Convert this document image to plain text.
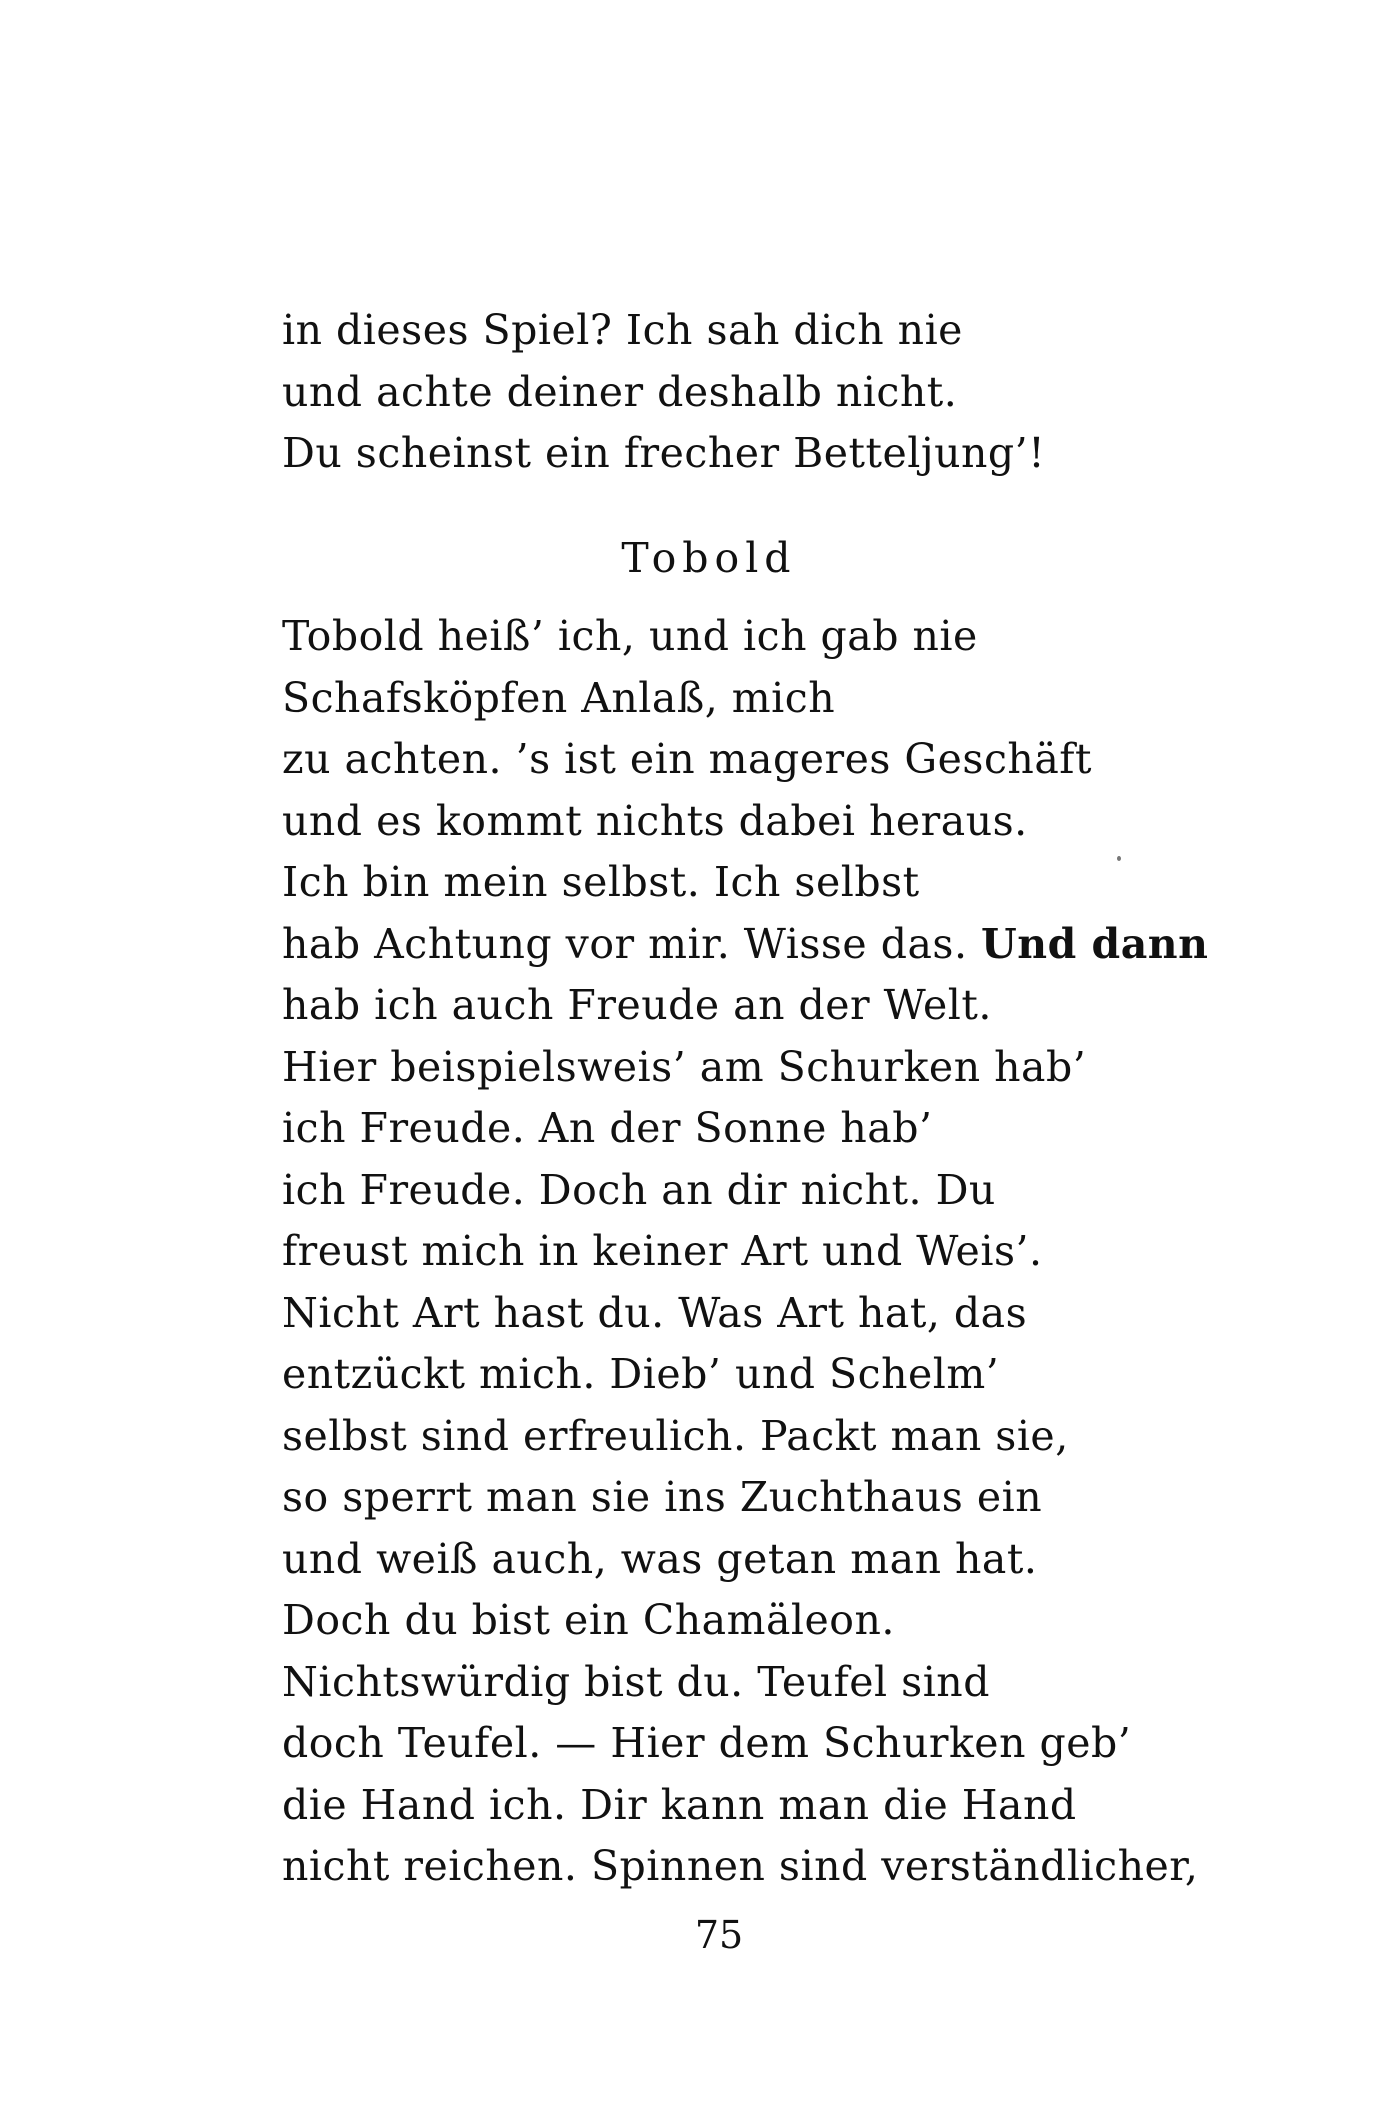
in dieses Spiel? Ich sah dich nie
und achte deiner deshalb nicht.
Du scheinst ein frecher Betteljung’!
Tobold
Tobold heiß’ ich, und ich gab nie
Schafsköpfen Anlaß, mich
zu achten. ’s ist ein mageres Geschäft
und es kommt nichts dabei heraus.
Ich bin mein selbst. Ich selbst
hab Achtung vor mir. Wisse das. Und dann
hab ich auch Freude an der Welt.
Hier beispielsweis’ am Schurken hab’
ich Freude. An der Sonne hab’
ich Freude. Doch an dir nicht. Du
freust mich in keiner Art und Weis’.
Nicht Art hast du. Was Art hat, das
entzückt mich. Dieb’ und Schelm’
selbst sind erfreulich. Packt man sie,
so sperrt man sie ins Zuchthaus ein
und weiß auch, was getan man hat.
Doch du bist ein Chamäleon.
Nichtswürdig bist du. Teufel sind
doch Teufel. — Hier dem Schurken geb’
die Hand ich. Dir kann man die Hand
nicht reichen. Spinnen sind verständlicher,
75
